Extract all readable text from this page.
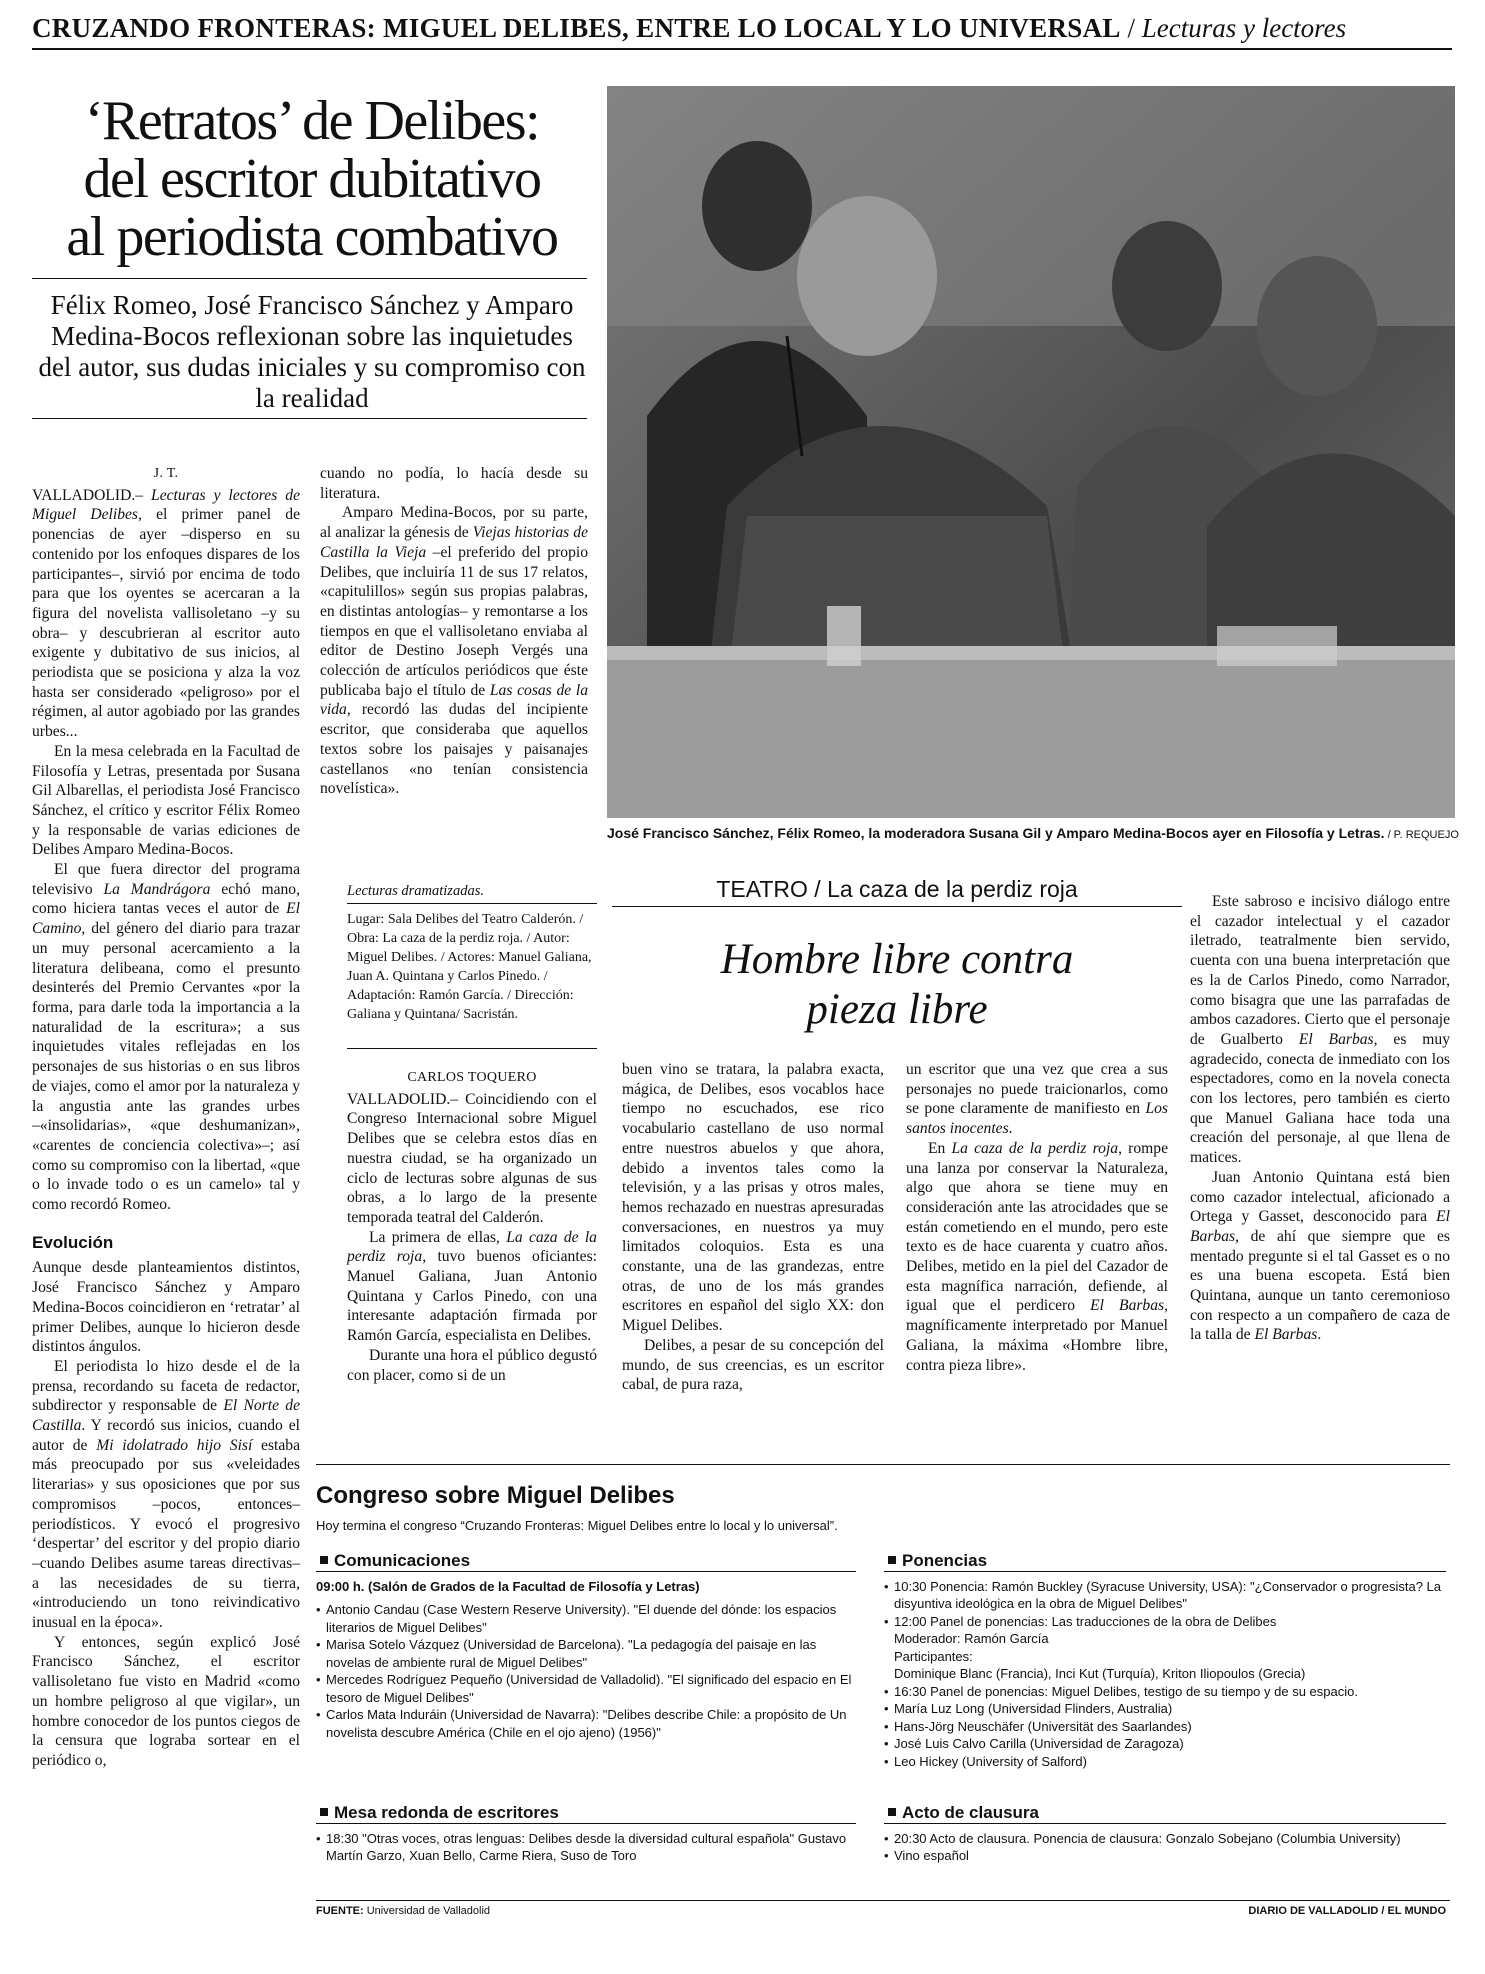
CRUZANDO FRONTERAS: MIGUEL DELIBES, ENTRE LO LOCAL Y LO UNIVERSAL / Lecturas y lectores
‘Retratos’ de Delibes:
del escritor dubitativo
al periodista combativo
Félix Romeo, José Francisco Sánchez y Amparo Medina-Bocos reflexionan sobre las inquietudes del autor, sus dudas iniciales y su compromiso con la realidad
José Francisco Sánchez, Félix Romeo, la moderadora Susana Gil y Amparo Medina-Bocos ayer en Filosofía y Letras. / P. REQUEJO
J. T.

VALLADOLID.– Lecturas y lectores de Miguel Delibes, el primer panel de ponencias de ayer –disperso en su contenido por los enfoques dispares de los participantes–, sirvió por encima de todo para que los oyentes se acercaran a la figura del novelista vallisoletano –y su obra– y descubrieran al escritor auto exigente y dubitativo de sus inicios, al periodista que se posiciona y alza la voz hasta ser considerado «peligroso» por el régimen, al autor agobiado por las grandes urbes...

En la mesa celebrada en la Facultad de Filosofía y Letras, presentada por Susana Gil Albarellas, el periodista José Francisco Sánchez, el crítico y escritor Félix Romeo y la responsable de varias ediciones de Delibes Amparo Medina-Bocos.

El que fuera director del programa televisivo La Mandrágora echó mano, como hiciera tantas veces el autor de El Camino, del género del diario para trazar un muy personal acercamiento a la literatura delibeana, como el presunto desinterés del Premio Cervantes «por la forma, para darle toda la importancia a la naturalidad de la escritura»; a sus inquietudes vitales reflejadas en los personajes de sus historias o en sus libros de viajes, como el amor por la naturaleza y la angustia ante las grandes urbes –«insolidarias», «que deshumanizan», «carentes de conciencia colectiva»–; así como su compromiso con la libertad, «que o lo invade todo o es un camelo» tal y como recordó Romeo.

Evolución

Aunque desde planteamientos distintos, José Francisco Sánchez y Amparo Medina-Bocos coincidieron en ‘retratar’ al primer Delibes, aunque lo hicieron desde distintos ángulos.

El periodista lo hizo desde el de la prensa, recordando su faceta de redactor, subdirector y responsable de El Norte de Castilla. Y recordó sus inicios, cuando el autor de Mi idolatrado hijo Sisí estaba más preocupado por sus «veleidades literarias» y sus oposiciones que por sus compromisos –pocos, entonces– periodísticos. Y evocó el progresivo ‘despertar’ del escritor y del propio diario –cuando Delibes asume tareas directivas– a las necesidades de su tierra, «introduciendo un tono reivindicativo inusual en la época».

Y entonces, según explicó José Francisco Sánchez, el escritor vallisoletano fue visto en Madrid «como un hombre peligroso al que vigilar», un hombre conocedor de los puntos ciegos de la censura que lograba sortear en el periódico o,

cuando no podía, lo hacía desde su literatura.

Amparo Medina-Bocos, por su parte, al analizar la génesis de Viejas historias de Castilla la Vieja –el preferido del propio Delibes, que incluiría 11 de sus 17 relatos, «capitulillos» según sus propias palabras, en distintas antologías– y remontarse a los tiempos en que el vallisoletano enviaba al editor de Destino Joseph Vergés una colección de artículos periódicos que éste publicaba bajo el título de Las cosas de la vida, recordó las dudas del incipiente escritor, que consideraba que aquellos textos sobre los paisajes y paisanajes castellanos «no tenían consistencia novelística».

Lecturas dramatizadas.
Lugar: Sala Delibes del Teatro Calderón. / Obra: La caza de la perdiz roja. / Autor: Miguel Delibes. / Actores: Manuel Galiana, Juan A. Quintana y Carlos Pinedo. / Adaptación: Ramón García. / Dirección: Galiana y Quintana/ Sacristán.
TEATRO / La caza de la perdiz roja
Hombre libre contra
pieza libre
CARLOS TOQUERO

VALLADOLID.– Coincidiendo con el Congreso Internacional sobre Miguel Delibes que se celebra estos días en nuestra ciudad, se ha organizado un ciclo de lecturas sobre algunas de sus obras, a lo largo de la presente temporada teatral del Calderón.

La primera de ellas, La caza de la perdiz roja, tuvo buenos oficiantes: Manuel Galiana, Juan Antonio Quintana y Carlos Pinedo, con una interesante adaptación firmada por Ramón García, especialista en Delibes.

Durante una hora el público degustó con placer, como si de un

buen vino se tratara, la palabra exacta, mágica, de Delibes, esos vocablos hace tiempo no escuchados, ese rico vocabulario castellano de uso normal entre nuestros abuelos y que ahora, debido a inventos tales como la televisión, y a las prisas y otros males, hemos rechazado en nuestras apresuradas conversaciones, en nuestros ya muy limitados coloquios. Esta es una constante, una de las grandezas, entre otras, de uno de los más grandes escritores en español del siglo XX: don Miguel Delibes.

Delibes, a pesar de su concepción del mundo, de sus creencias, es un escritor cabal, de pura raza,

un escritor que una vez que crea a sus personajes no puede traicionarlos, como se pone claramente de manifiesto en Los santos inocentes.

En La caza de la perdiz roja, rompe una lanza por conservar la Naturaleza, algo que ahora se tiene muy en consideración ante las atrocidades que se están cometiendo en el mundo, pero este texto es de hace cuarenta y cuatro años. Delibes, metido en la piel del Cazador de esta magnífica narración, defiende, al igual que el perdicero El Barbas, magníficamente interpretado por Manuel Galiana, la máxima «Hombre libre, contra pieza libre».

Este sabroso e incisivo diálogo entre el cazador intelectual y el cazador iletrado, teatralmente bien servido, cuenta con una buena interpretación que es la de Carlos Pinedo, como Narrador, como bisagra que une las parrafadas de ambos cazadores. Cierto que el personaje de Gualberto El Barbas, es muy agradecido, conecta de inmediato con los espectadores, como en la novela conecta con los lectores, pero también es cierto que Manuel Galiana hace toda una creación del personaje, al que llena de matices.

Juan Antonio Quintana está bien como cazador intelectual, aficionado a Ortega y Gasset, desconocido para El Barbas, de ahí que siempre que es mentado pregunte si el tal Gasset es o no es una buena escopeta. Está bien Quintana, aunque un tanto ceremonioso con respecto a un compañero de caza de la talla de El Barbas.

Congreso sobre Miguel Delibes
Hoy termina el congreso “Cruzando Fronteras: Miguel Delibes entre lo local y lo universal”.
Comunicaciones
09:00 h. (Salón de Grados de la Facultad de Filosofía y Letras)
• Antonio Candau (Case Western Reserve University). "El duende del dónde: los espacios literarios de Miguel Delibes"
• Marisa Sotelo Vázquez (Universidad de Barcelona). "La pedagogía del paisaje en las novelas de ambiente rural de Miguel Delibes"
• Mercedes Rodríguez Pequeño (Universidad de Valladolid). "El significado del espacio en El tesoro de Miguel Delibes"
• Carlos Mata Induráin (Universidad de Navarra): "Delibes describe Chile: a propósito de Un novelista descubre América (Chile en el ojo ajeno) (1956)"
Mesa redonda de escritores
• 18:30 "Otras voces, otras lenguas: Delibes desde la diversidad cultural española" Gustavo Martín Garzo, Xuan Bello, Carme Riera, Suso de Toro
Ponencias
• 10:30 Ponencia: Ramón Buckley (Syracuse University, USA): "¿Conservador o progresista? La disyuntiva ideológica en la obra de Miguel Delibes"
• 12:00 Panel de ponencias: Las traducciones de la obra de Delibes
Moderador: Ramón García
Participantes:
Dominique Blanc (Francia), Inci Kut (Turquía), Kriton Iliopoulos (Grecia)
• 16:30 Panel de ponencias: Miguel Delibes, testigo de su tiempo y de su espacio.
• María Luz Long (Universidad Flinders, Australia)
• Hans-Jörg Neuschäfer (Universität des Saarlandes)
• José Luis Calvo Carilla (Universidad de Zaragoza)
• Leo Hickey (University of Salford)
Acto de clausura
• 20:30 Acto de clausura. Ponencia de clausura: Gonzalo Sobejano (Columbia University)
• Vino español
FUENTE: Universidad de Valladolid	DIARIO DE VALLADOLID / EL MUNDO
